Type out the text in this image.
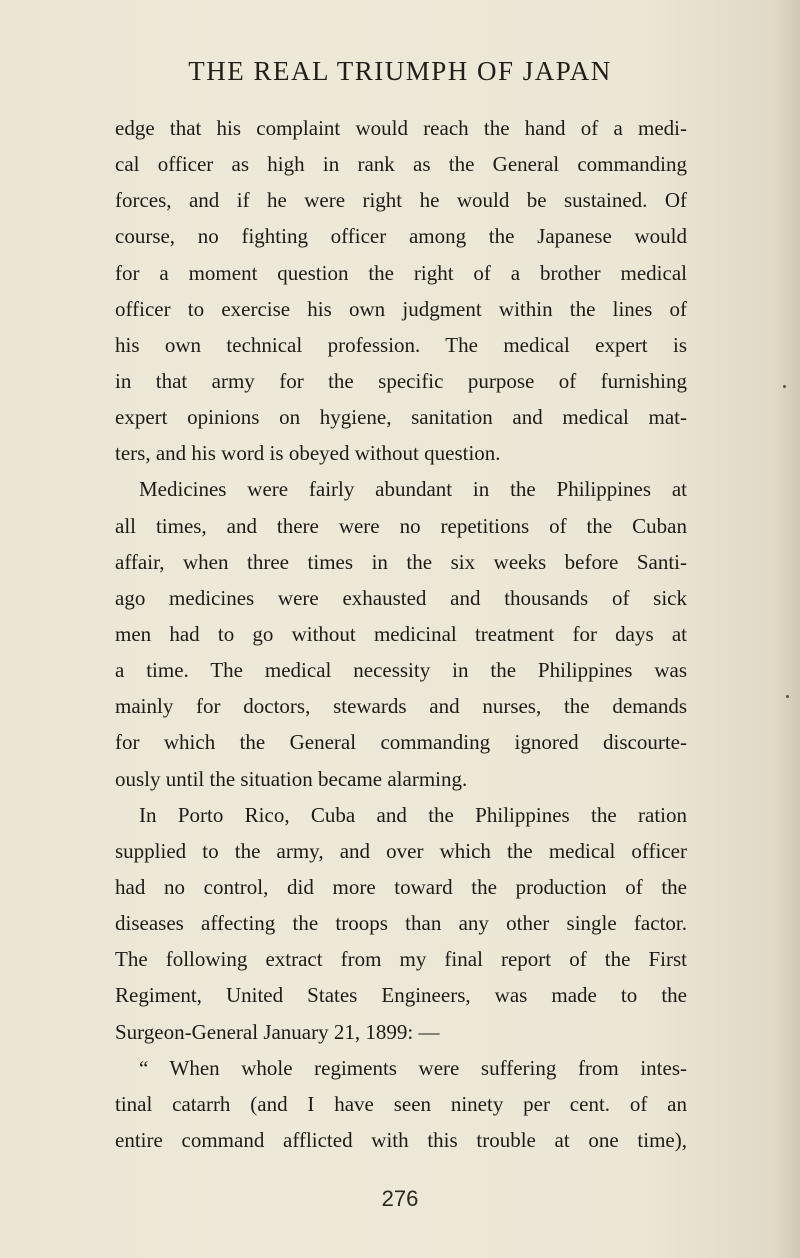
THE REAL TRIUMPH OF JAPAN
edge that his complaint would reach the hand of a medi-
cal officer as high in rank as the General commanding
forces, and if he were right he would be sustained. Of
course, no fighting officer among the Japanese would
for a moment question the right of a brother medical
officer to exercise his own judgment within the lines of
his own technical profession. The medical expert is
in that army for the specific purpose of furnishing
expert opinions on hygiene, sanitation and medical mat-
ters, and his word is obeyed without question.
Medicines were fairly abundant in the Philippines at
all times, and there were no repetitions of the Cuban
affair, when three times in the six weeks before Santi-
ago medicines were exhausted and thousands of sick
men had to go without medicinal treatment for days at
a time. The medical necessity in the Philippines was
mainly for doctors, stewards and nurses, the demands
for which the General commanding ignored discourte-
ously until the situation became alarming.
In Porto Rico, Cuba and the Philippines the ration
supplied to the army, and over which the medical officer
had no control, did more toward the production of the
diseases affecting the troops than any other single factor.
The following extract from my final report of the First
Regiment, United States Engineers, was made to the
Surgeon-General January 21, 1899: —
“ When whole regiments were suffering from intes-
tinal catarrh (and I have seen ninety per cent. of an
entire command afflicted with this trouble at one time),
276
